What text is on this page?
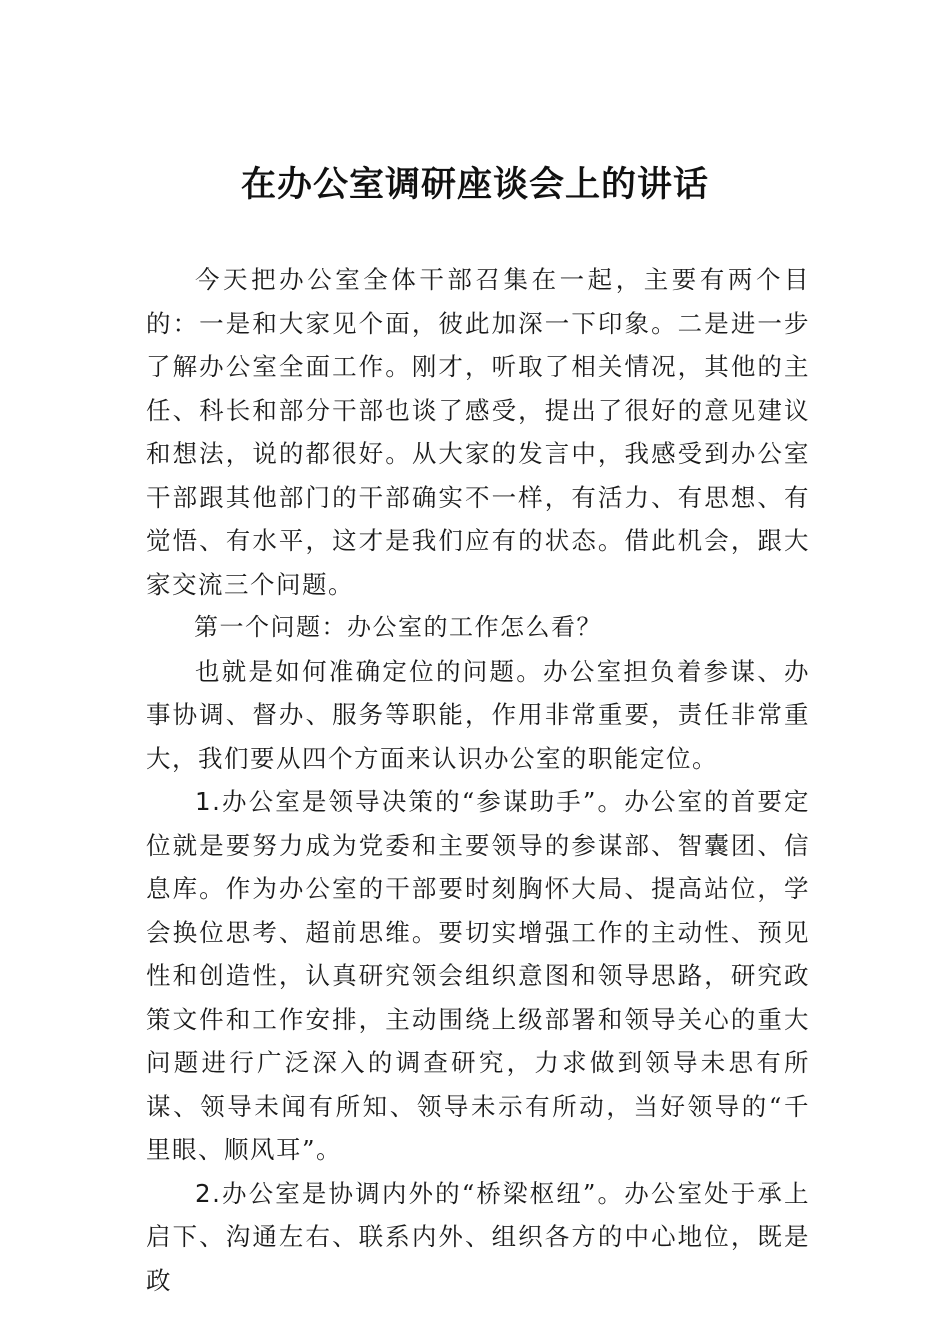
在办公室调研座谈会上的讲话

今天把办公室全体干部召集在一起，主要有两个目的：一是和大家见个面，彼此加深一下印象。二是进一步了解办公室全面工作。刚才，听取了相关情况，其他的主任、科长和部分干部也谈了感受，提出了很好的意见建议和想法，说的都很好。从大家的发言中，我感受到办公室干部跟其他部门的干部确实不一样，有活力、有思想、有觉悟、有水平，这才是我们应有的状态。借此机会，跟大家交流三个问题。

第一个问题：办公室的工作怎么看？

也就是如何准确定位的问题。办公室担负着参谋、办事协调、督办、服务等职能，作用非常重要，责任非常重大，我们要从四个方面来认识办公室的职能定位。

1.办公室是领导决策的“参谋助手”。办公室的首要定位就是要努力成为党委和主要领导的参谋部、智囊团、信息库。作为办公室的干部要时刻胸怀大局、提高站位，学会换位思考、超前思维。要切实增强工作的主动性、预见性和创造性，认真研究领会组织意图和领导思路，研究政策文件和工作安排，主动围绕上级部署和领导关心的重大问题进行广泛深入的调查研究，力求做到领导未思有所谋、领导未闻有所知、领导未示有所动，当好领导的“千里眼、顺风耳”。

2.办公室是协调内外的“桥梁枢纽”。办公室处于承上启下、沟通左右、联系内外、组织各方的中心地位，既是政
